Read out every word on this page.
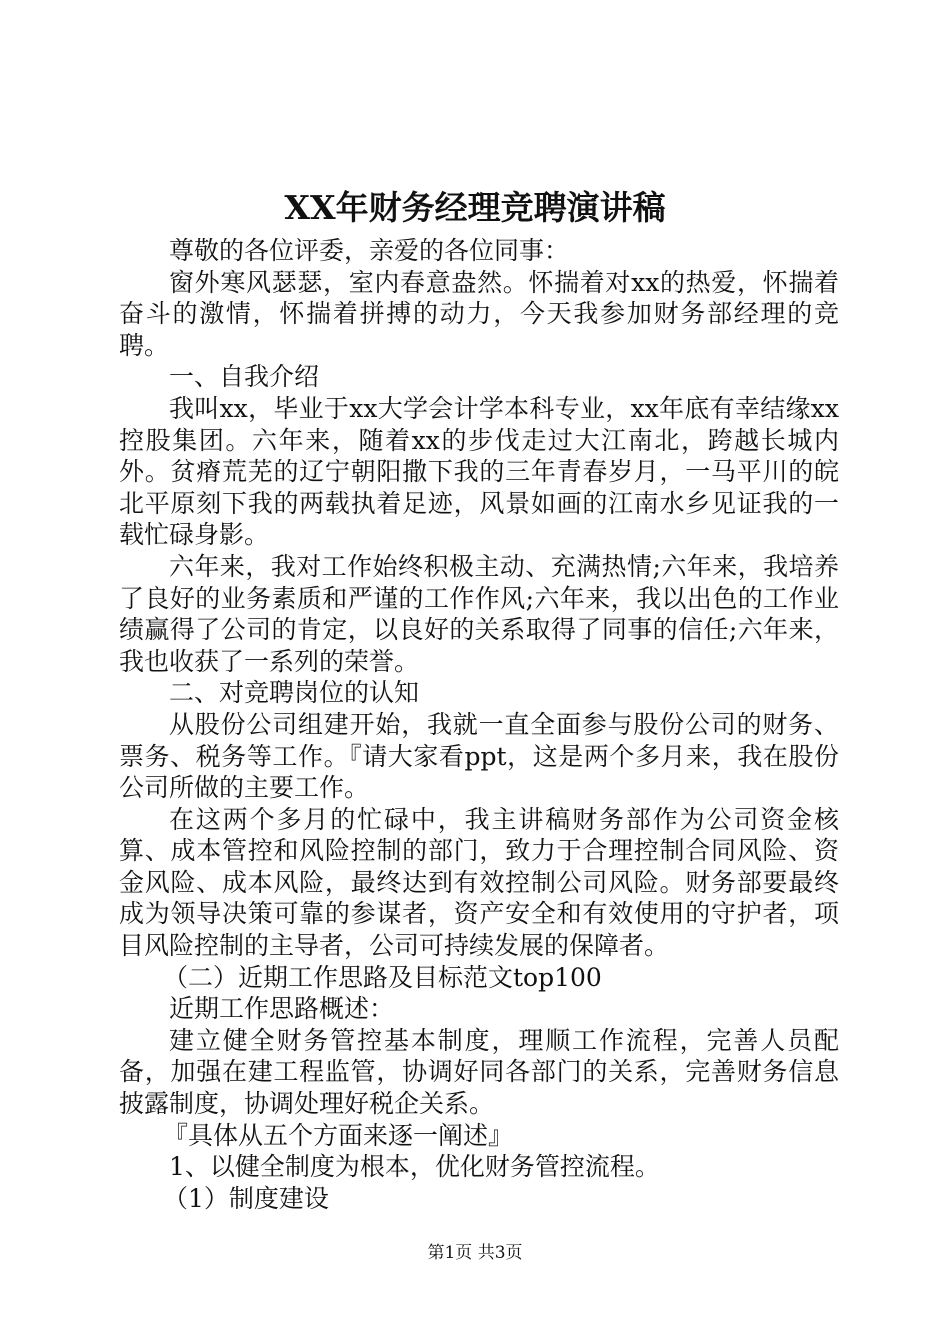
XX年财务经理竞聘演讲稿

尊敬的各位评委，亲爱的各位同事：

窗外寒风瑟瑟，室内春意盎然。怀揣着对xx的热爱，怀揣着奋斗的激情，怀揣着拼搏的动力，今天我参加财务部经理的竞聘。

一、自我介绍

我叫xx，毕业于xx大学会计学本科专业，xx年底有幸结缘xx控股集团。六年来，随着xx的步伐走过大江南北，跨越长城内外。贫瘠荒芜的辽宁朝阳撒下我的三年青春岁月，一马平川的皖北平原刻下我的两载执着足迹，风景如画的江南水乡见证我的一载忙碌身影。

六年来，我对工作始终积极主动、充满热情;六年来，我培养了良好的业务素质和严谨的工作作风;六年来，我以出色的工作业绩赢得了公司的肯定，以良好的关系取得了同事的信任;六年来，我也收获了一系列的荣誉。

二、对竞聘岗位的认知

从股份公司组建开始，我就一直全面参与股份公司的财务、票务、税务等工作。『请大家看ppt，这是两个多月来，我在股份公司所做的主要工作。

在这两个多月的忙碌中，我主讲稿财务部作为公司资金核算、成本管控和风险控制的部门，致力于合理控制合同风险、资金风险、成本风险，最终达到有效控制公司风险。财务部要最终成为领导决策可靠的参谋者，资产安全和有效使用的守护者，项目风险控制的主导者，公司可持续发展的保障者。

（二）近期工作思路及目标范文top100

近期工作思路概述：

建立健全财务管控基本制度，理顺工作流程，完善人员配备，加强在建工程监管，协调好同各部门的关系，完善财务信息披露制度，协调处理好税企关系。

『具体从五个方面来逐一阐述』

1、以健全制度为根本，优化财务管控流程。

（1）制度建设

第1页 共3页
